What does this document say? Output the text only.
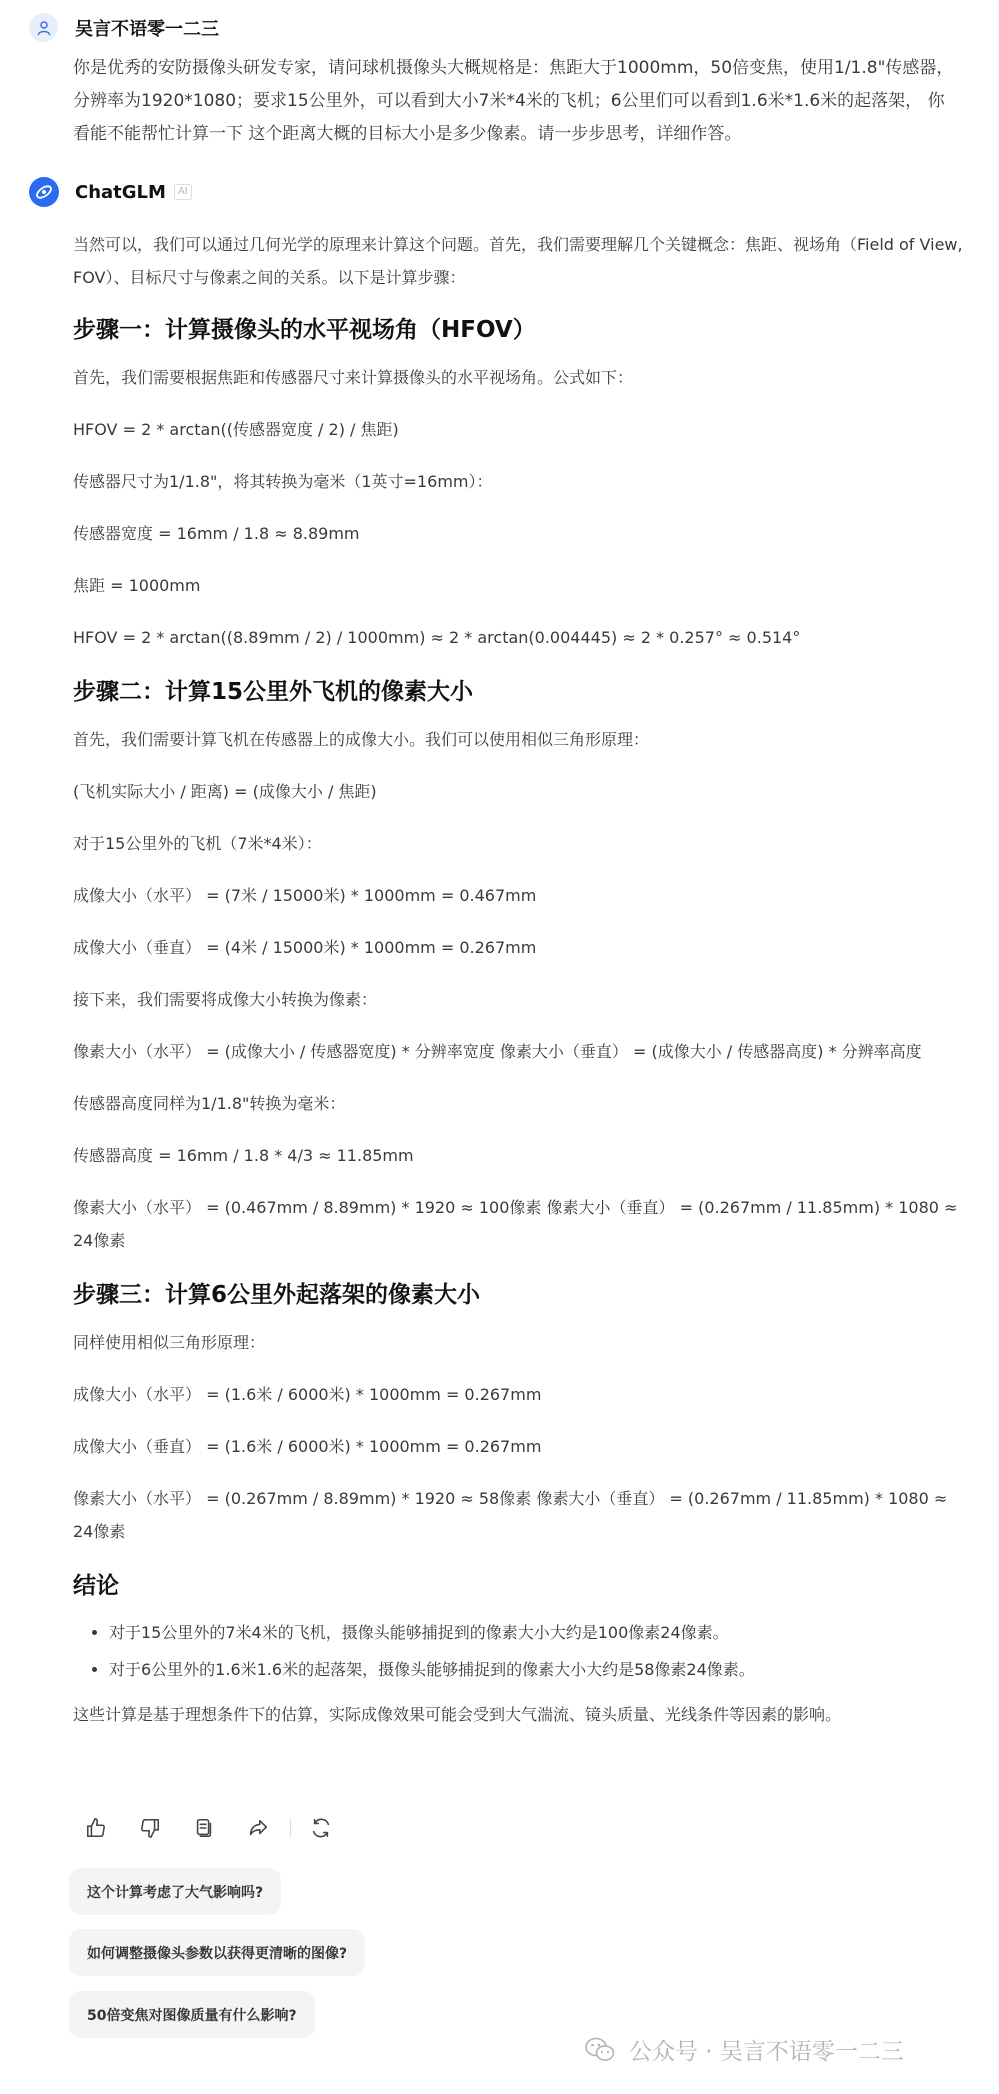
吴言不语零一二三

你是优秀的安防摄像头研发专家，请问球机摄像头大概规格是：焦距大于1000mm，50倍变焦，使用1/1.8"传感器，分辨率为1920*1080；要求15公里外，可以看到大小7米*4米的飞机；6公里们可以看到1.6米*1.6米的起落架， 你看能不能帮忙计算一下 这个距离大概的目标大小是多少像素。请一步步思考，详细作答。

ChatGLM	AI

当然可以，我们可以通过几何光学的原理来计算这个问题。首先，我们需要理解几个关键概念：焦距、视场角（Field of View, FOV）、目标尺寸与像素之间的关系。以下是计算步骤：

步骤一：计算摄像头的水平视场角（HFOV）

首先，我们需要根据焦距和传感器尺寸来计算摄像头的水平视场角。公式如下：

HFOV = 2 * arctan((传感器宽度 / 2) / 焦距)

传感器尺寸为1/1.8"，将其转换为毫米（1英寸=16mm）：

传感器宽度 = 16mm / 1.8 ≈ 8.89mm

焦距 = 1000mm

HFOV = 2 * arctan((8.89mm / 2) / 1000mm) ≈ 2 * arctan(0.004445) ≈ 2 * 0.257° ≈ 0.514°

步骤二：计算15公里外飞机的像素大小

首先，我们需要计算飞机在传感器上的成像大小。我们可以使用相似三角形原理：

(飞机实际大小 / 距离) = (成像大小 / 焦距)

对于15公里外的飞机（7米*4米）：

成像大小（水平） = (7米 / 15000米) * 1000mm = 0.467mm

成像大小（垂直） = (4米 / 15000米) * 1000mm = 0.267mm

接下来，我们需要将成像大小转换为像素：

像素大小（水平） = (成像大小 / 传感器宽度) * 分辨率宽度 像素大小（垂直） = (成像大小 / 传感器高度) * 分辨率高度

传感器高度同样为1/1.8"转换为毫米：

传感器高度 = 16mm / 1.8 * 4/3 ≈ 11.85mm

像素大小（水平） = (0.467mm / 8.89mm) * 1920 ≈ 100像素 像素大小（垂直） = (0.267mm / 11.85mm) * 1080 ≈ 24像素

步骤三：计算6公里外起落架的像素大小

同样使用相似三角形原理：

成像大小（水平） = (1.6米 / 6000米) * 1000mm = 0.267mm

成像大小（垂直） = (1.6米 / 6000米) * 1000mm = 0.267mm

像素大小（水平） = (0.267mm / 8.89mm) * 1920 ≈ 58像素 像素大小（垂直） = (0.267mm / 11.85mm) * 1080 ≈ 24像素

结论
• 对于15公里外的7米4米的飞机，摄像头能够捕捉到的像素大小大约是100像素24像素。
• 对于6公里外的1.6米1.6米的起落架，摄像头能够捕捉到的像素大小大约是58像素24像素。

这些计算是基于理想条件下的估算，实际成像效果可能会受到大气湍流、镜头质量、光线条件等因素的影响。

这个计算考虑了大气影响吗?
如何调整摄像头参数以获得更清晰的图像?
50倍变焦对图像质量有什么影响?
公众号 · 吴言不语零一二三
